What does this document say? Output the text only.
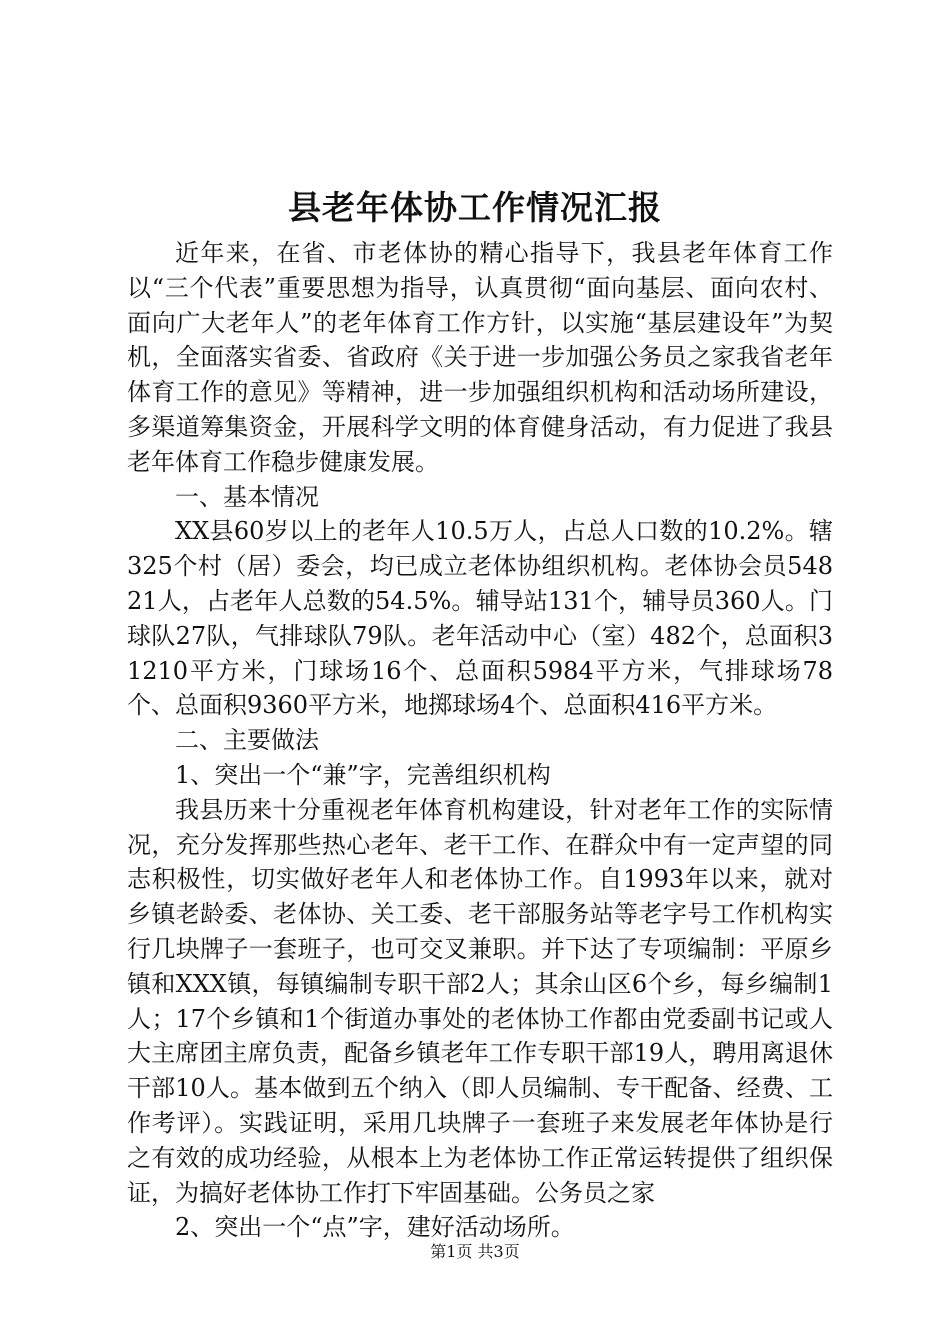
县老年体协工作情况汇报

近年来，在省、市老体协的精心指导下，我县老年体育工作以“三个代表”重要思想为指导，认真贯彻“面向基层、面向农村、面向广大老年人”的老年体育工作方针，以实施“基层建设年”为契机，全面落实省委、省政府《关于进一步加强公务员之家我省老年体育工作的意见》等精神，进一步加强组织机构和活动场所建设，多渠道筹集资金，开展科学文明的体育健身活动，有力促进了我县老年体育工作稳步健康发展。

一、基本情况

XX县60岁以上的老年人10.5万人，占总人口数的10.2%。辖325个村（居）委会，均已成立老体协组织机构。老体协会员54821人，占老年人总数的54.5%。辅导站131个，辅导员360人。门球队27队，气排球队79队。老年活动中心（室）482个，总面积31210平方米，门球场16个、总面积5984平方米，气排球场78个、总面积9360平方米，地掷球场4个、总面积416平方米。

二、主要做法

1、突出一个“兼”字，完善组织机构

我县历来十分重视老年体育机构建设，针对老年工作的实际情况，充分发挥那些热心老年、老干工作、在群众中有一定声望的同志积极性，切实做好老年人和老体协工作。自1993年以来，就对乡镇老龄委、老体协、关工委、老干部服务站等老字号工作机构实行几块牌子一套班子，也可交叉兼职。并下达了专项编制：平原乡镇和XXX镇，每镇编制专职干部2人；其余山区6个乡，每乡编制1人；17个乡镇和1个街道办事处的老体协工作都由党委副书记或人大主席团主席负责，配备乡镇老年工作专职干部19人，聘用离退休干部10人。基本做到五个纳入（即人员编制、专干配备、经费、工作考评）。实践证明，采用几块牌子一套班子来发展老年体协是行之有效的成功经验，从根本上为老体协工作正常运转提供了组织保证，为搞好老体协工作打下牢固基础。公务员之家

2、突出一个“点”字，建好活动场所。

第1页 共3页
